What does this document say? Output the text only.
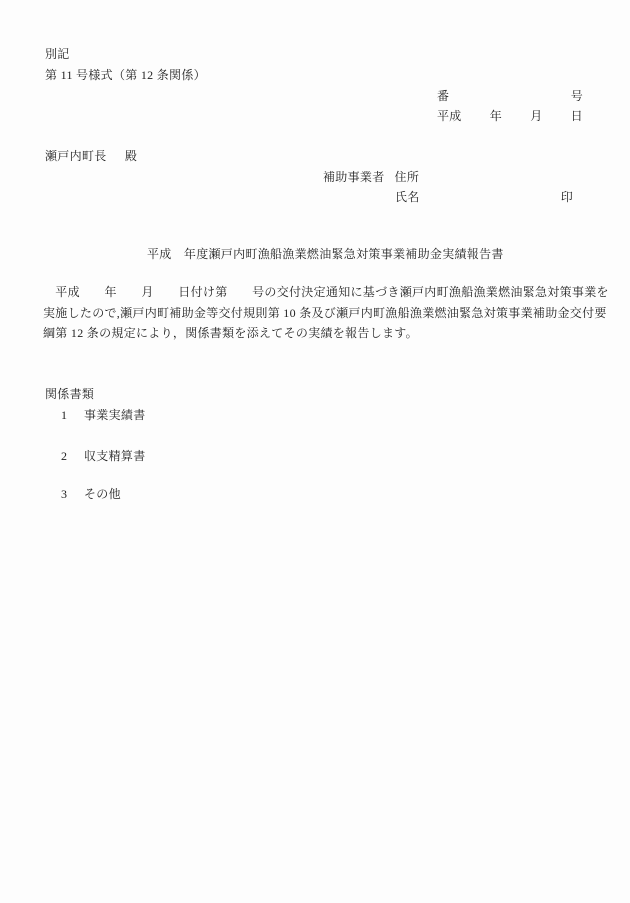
別記
第 11 号様式（第 12 条関係）
番	号
平成 年 月 日
瀬戸内町長 殿
補助事業者 住所
氏名	印
平成　年度瀬戸内町漁船漁業燃油緊急対策事業補助金実績報告書
　平成　　年　　月　　日付け第　　号の交付決定通知に基づき瀬戸内町漁船漁業燃油緊急対策事業を
実施したので,瀬戸内町補助金等交付規則第 10 条及び瀬戸内町漁船漁業燃油緊急対策事業補助金交付要
綱第 12 条の規定により，関係書類を添えてその実績を報告します。
関係書類
1 事業実績書
2 収支精算書
3 その他
